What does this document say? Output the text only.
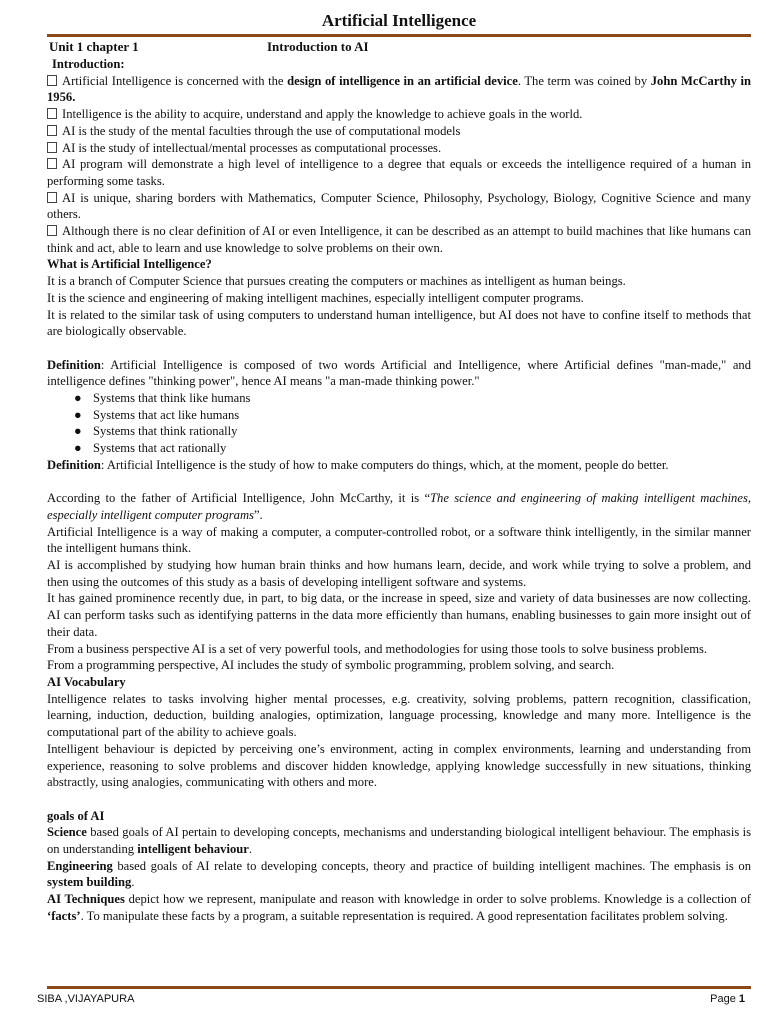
Artificial Intelligence
Unit 1 chapter 1	Introduction to AI

Introduction:

Artificial Intelligence is concerned with the design of intelligence in an artificial device. The term was coined by John McCarthy in 1956.

Intelligence is the ability to acquire, understand and apply the knowledge to achieve goals in the world.

AI is the study of the mental faculties through the use of computational models

AI is the study of intellectual/mental processes as computational processes.

AI program will demonstrate a high level of intelligence to a degree that equals or exceeds the intelligence required of a human in performing some tasks.

AI is unique, sharing borders with Mathematics, Computer Science, Philosophy, Psychology, Biology, Cognitive Science and many others.

Although there is no clear definition of AI or even Intelligence, it can be described as an attempt to build machines that like humans can think and act, able to learn and use knowledge to solve problems on their own.

What is Artificial Intelligence?

It is a branch of Computer Science that pursues creating the computers or machines as intelligent as human beings.

It is the science and engineering of making intelligent machines, especially intelligent computer programs.

It is related to the similar task of using computers to understand human intelligence, but AI does not have to confine itself to methods that are biologically observable.

Definition: Artificial Intelligence is composed of two words Artificial and Intelligence, where Artificial defines "man-made," and intelligence defines "thinking power", hence AI means "a man-made thinking power."

● Systems that think like humans
● Systems that act like humans
● Systems that think rationally
● Systems that act rationally

Definition: Artificial Intelligence is the study of how to make computers do things, which, at the moment, people do better.

According to the father of Artificial Intelligence, John McCarthy, it is “The science and engineering of making intelligent machines, especially intelligent computer programs”.

Artificial Intelligence is a way of making a computer, a computer-controlled robot, or a software think intelligently, in the similar manner the intelligent humans think.

AI is accomplished by studying how human brain thinks and how humans learn, decide, and work while trying to solve a problem, and then using the outcomes of this study as a basis of developing intelligent software and systems.

It has gained prominence recently due, in part, to big data, or the increase in speed, size and variety of data businesses are now collecting. AI can perform tasks such as identifying patterns in the data more efficiently than humans, enabling businesses to gain more insight out of their data.

From a business perspective AI is a set of very powerful tools, and methodologies for using those tools to solve business problems.

From a programming perspective, AI includes the study of symbolic programming, problem solving, and search.

AI Vocabulary

Intelligence relates to tasks involving higher mental processes, e.g. creativity, solving problems, pattern recognition, classification, learning, induction, deduction, building analogies, optimization, language processing, knowledge and many more. Intelligence is the computational part of the ability to achieve goals.

Intelligent behaviour is depicted by perceiving one’s environment, acting in complex environments, learning and understanding from experience, reasoning to solve problems and discover hidden knowledge, applying knowledge successfully in new situations, thinking abstractly, using analogies, communicating with others and more.

goals of AI

Science based goals of AI pertain to developing concepts, mechanisms and understanding biological intelligent behaviour. The emphasis is on understanding intelligent behaviour.

Engineering based goals of AI relate to developing concepts, theory and practice of building intelligent machines. The emphasis is on system building.

AI Techniques depict how we represent, manipulate and reason with knowledge in order to solve problems. Knowledge is a collection of ‘facts’. To manipulate these facts by a program, a suitable representation is required. A good representation facilitates problem solving.

SIBA ,VIJAYAPURA	Page 1
